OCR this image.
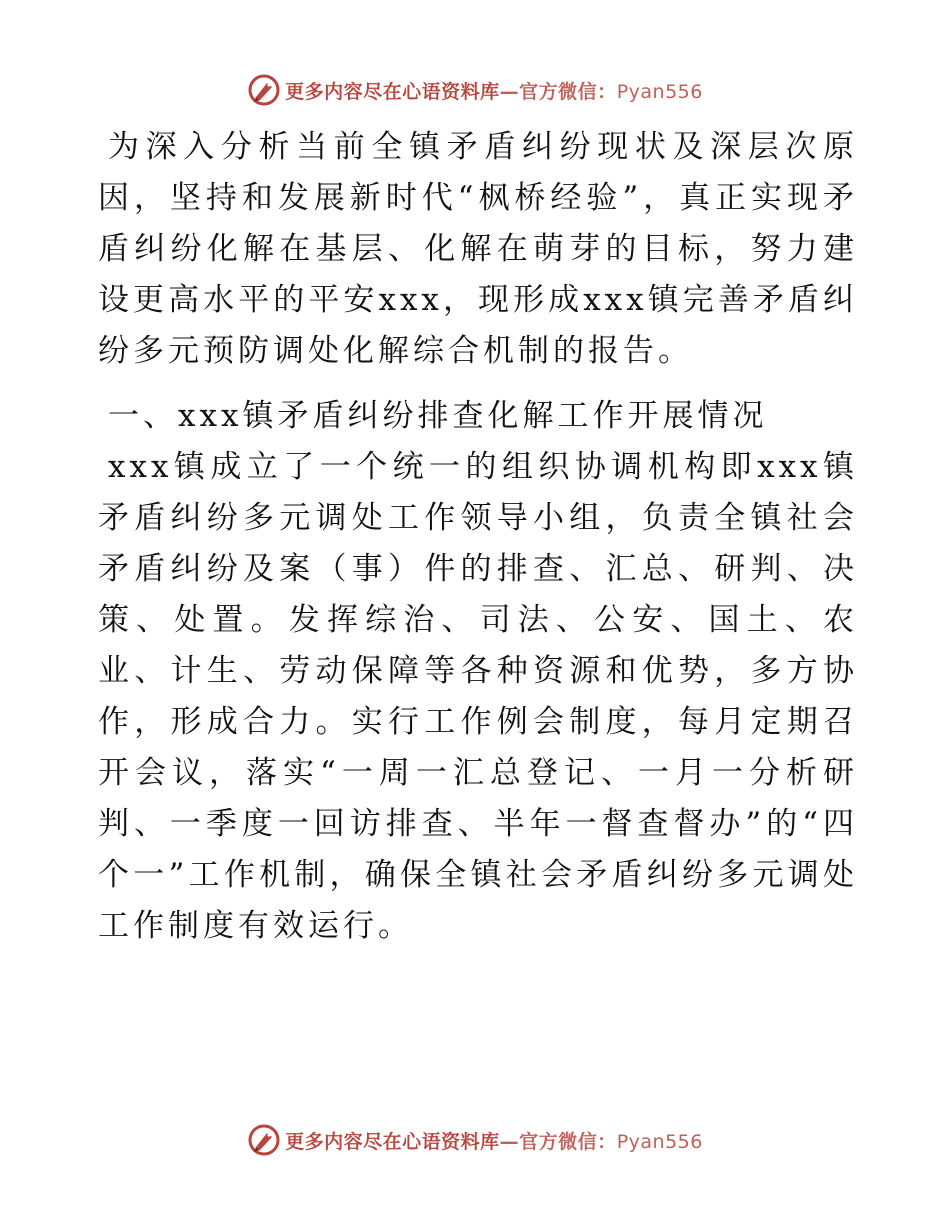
更多内容尽在心语资料库—官方微信：Pyan556

为深入分析当前全镇矛盾纠纷现状及深层次原因，坚持和发展新时代“枫桥经验”，真正实现矛盾纠纷化解在基层、化解在萌芽的目标，努力建设更高水平的平安xxx，现形成xxx镇完善矛盾纠纷多元预防调处化解综合机制的报告。

一、xxx镇矛盾纠纷排查化解工作开展情况

xxx镇成立了一个统一的组织协调机构即xxx镇矛盾纠纷多元调处工作领导小组，负责全镇社会矛盾纠纷及案（事）件的排查、汇总、研判、决策、处置。发挥综治、司法、公安、国土、农业、计生、劳动保障等各种资源和优势，多方协作，形成合力。实行工作例会制度，每月定期召开会议，落实“一周一汇总登记、一月一分析研判、一季度一回访排查、半年一督查督办”的“四个一”工作机制，确保全镇社会矛盾纠纷多元调处工作制度有效运行。

更多内容尽在心语资料库—官方微信：Pyan556
